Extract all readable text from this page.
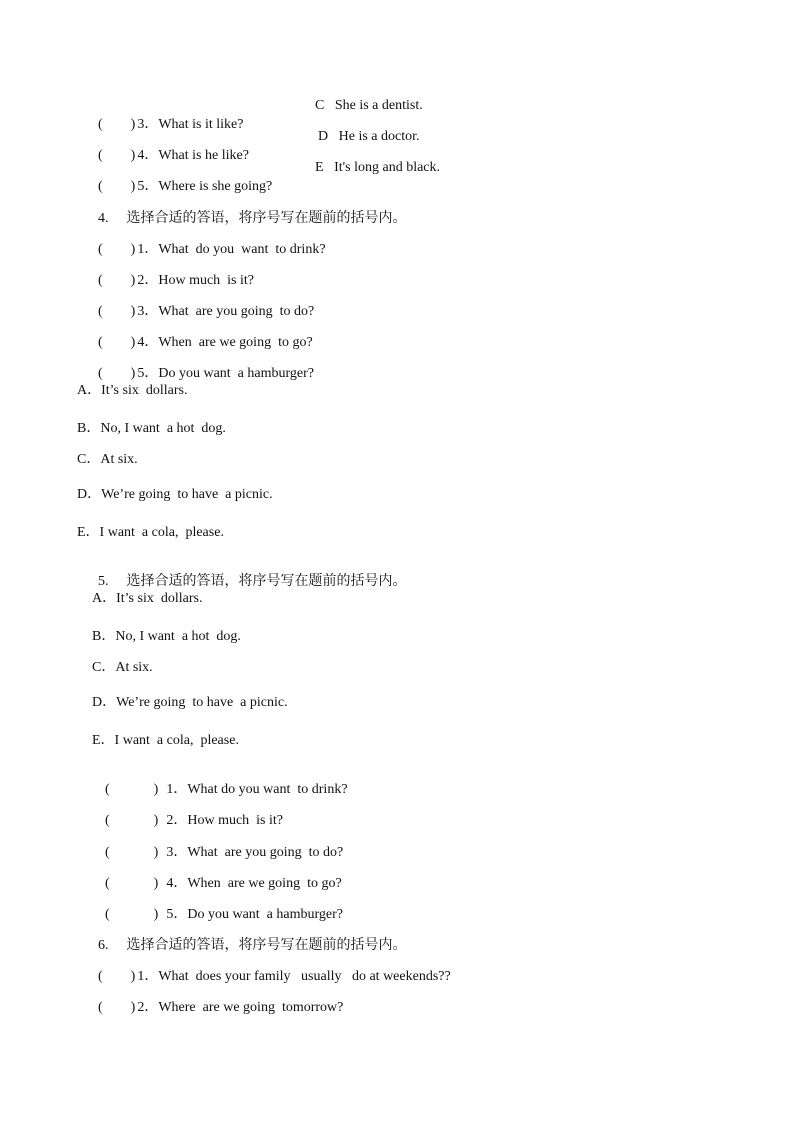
( ) 3．What is it like?

C She is a dentist.

( ) 4．What is he like?

D He is a doctor.

( ) 5．Where is she going?

E It's long and black.

4. 选择合适的答语，将序号写在题前的括号内。

( ) 1．What  do you  want  to drink?

( ) 2．How much  is it?

( ) 3．What  are you going  to do?

( ) 4．When  are we going  to go?

( ) 5．Do you want  a hamburger?

A．It’s six  dollars.
B．No, I want  a hot  dog.
C．At six.
D．We’re going  to have  a picnic.
E．I want  a cola,  please.

5. 选择合适的答语，将序号写在题前的括号内。

A．It’s six  dollars.
B．No, I want  a hot  dog.
C．At six.
D．We’re going  to have  a picnic.
E．I want  a cola,  please.

(	) 1．What do you want  to drink?

(	) 2．How much  is it?

(	) 3．What  are you going  to do?

(	) 4．When  are we going  to go?

(	) 5．Do you want  a hamburger?

6. 选择合适的答语，将序号写在题前的括号内。

( ) 1．What  does your family   usually   do at weekends??

( ) 2．Where  are we going  tomorrow?
